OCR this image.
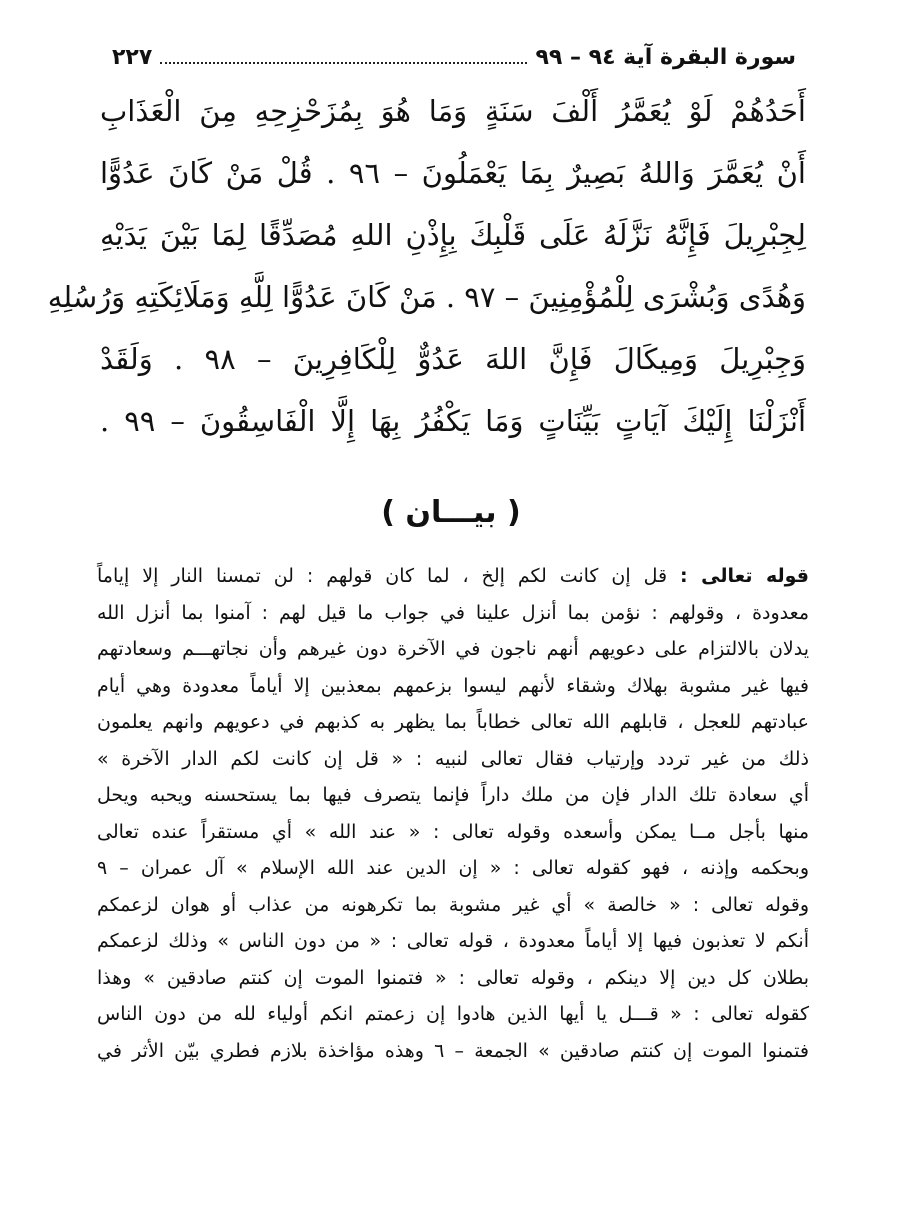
سورة البقرة آية ٩٤ – ٩٩
٢٢٧
أَحَدُهُمْ لَوْ يُعَمَّرُ أَلْفَ سَنَةٍ وَمَا هُوَ بِمُزَحْزِحِهِ مِنَ الْعَذَابِ
أَنْ يُعَمَّرَ وَاللهُ بَصِيرٌ بِمَا يَعْمَلُونَ – ٩٦ . قُلْ مَنْ كَانَ عَدُوًّا
لِجِبْرِيلَ فَإِنَّهُ نَزَّلَهُ عَلَى قَلْبِكَ بِإِذْنِ اللهِ مُصَدِّقًا لِمَا بَيْنَ يَدَيْهِ
وَهُدًى وَبُشْرَى لِلْمُؤْمِنِينَ – ٩٧ . مَنْ كَانَ عَدُوًّا لِلَّهِ وَمَلَائِكَتِهِ وَرُسُلِهِ
وَجِبْرِيلَ وَمِيكَالَ فَإِنَّ اللهَ عَدُوٌّ لِلْكَافِرِينَ – ٩٨ . وَلَقَدْ
أَنْزَلْنَا إِلَيْكَ آيَاتٍ بَيِّنَاتٍ وَمَا يَكْفُرُ بِهَا إِلَّا الْفَاسِقُونَ – ٩٩ .
( بيـــان )
قوله تعالى : قل إن كانت لكم إلخ ، لما كان قولهم : لن تمسنا النار إلا إياماً
معدودة ، وقولهم : نؤمن بما أنزل علينا في جواب ما قيل لهم : آمنوا بما أنزل الله
يدلان بالالتزام على دعويهم أنهم ناجون في الآخرة دون غيرهم وأن نجاتهـــم وسعادتهم
فيها غير مشوبة بهلاك وشقاء لأنهم ليسوا بزعمهم بمعذبين إلا أياماً معدودة وهي أيام
عبادتهم للعجل ، قابلهم الله تعالى خطاباً بما يظهر به كذبهم في دعويهم وانهم يعلمون
ذلك من غير تردد وإرتياب فقال تعالى لنبيه : « قل إن كانت لكم الدار الآخرة »
أي سعادة تلك الدار فإن من ملك داراً فإنما يتصرف فيها بما يستحسنه ويحبه ويحل
منها بأجل مــا يمكن وأسعده وقوله تعالى : « عند الله » أي مستقراً عنده تعالى
وبحكمه وإذنه ، فهو كقوله تعالى : « إن الدين عند الله الإسلام » آل عمران – ٩
وقوله تعالى : « خالصة » أي غير مشوبة بما تكرهونه من عذاب أو هوان لزعمكم
أنكم لا تعذبون فيها إلا أياماً معدودة ، قوله تعالى : « من دون الناس » وذلك لزعمكم
بطلان كل دين إلا دينكم ، وقوله تعالى : « فتمنوا الموت إن كنتم صادقين » وهذا
كقوله تعالى : « قـــل يا أيها الذين هادوا إن زعمتم انكم أولياء لله من دون الناس
فتمنوا الموت إن كنتم صادقين » الجمعة – ٦ وهذه مؤاخذة بلازم فطري بيّن الأثر في
